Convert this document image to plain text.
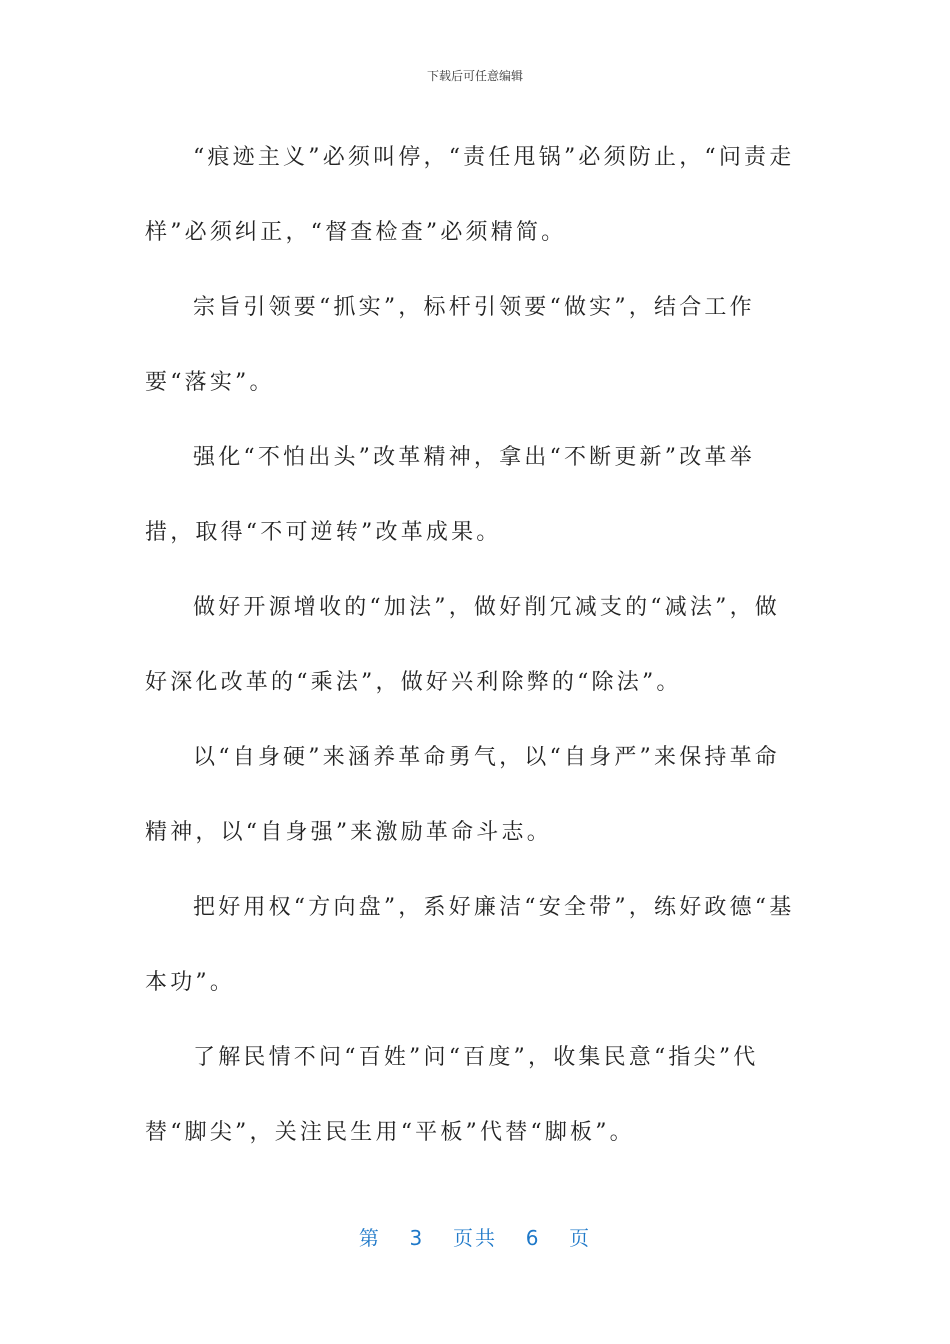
下载后可任意编辑

“痕迹主义”必须叫停，“责任甩锅”必须防止，“问责走样”必须纠正，“督查检查”必须精简。

宗旨引领要“抓实”，标杆引领要“做实”，结合工作要“落实”。

强化“不怕出头”改革精神，拿出“不断更新”改革举措，取得“不可逆转”改革成果。

做好开源增收的“加法”，做好削冗减支的“减法”，做好深化改革的“乘法”，做好兴利除弊的“除法”。

以“自身硬”来涵养革命勇气，以“自身严”来保持革命精神，以“自身强”来激励革命斗志。

把好用权“方向盘”，系好廉洁“安全带”，练好政德“基本功”。

了解民情不问“百姓”问“百度”，收集民意“指尖”代替“脚尖”，关注民生用“平板”代替“脚板”。

第 3 页共 6 页
